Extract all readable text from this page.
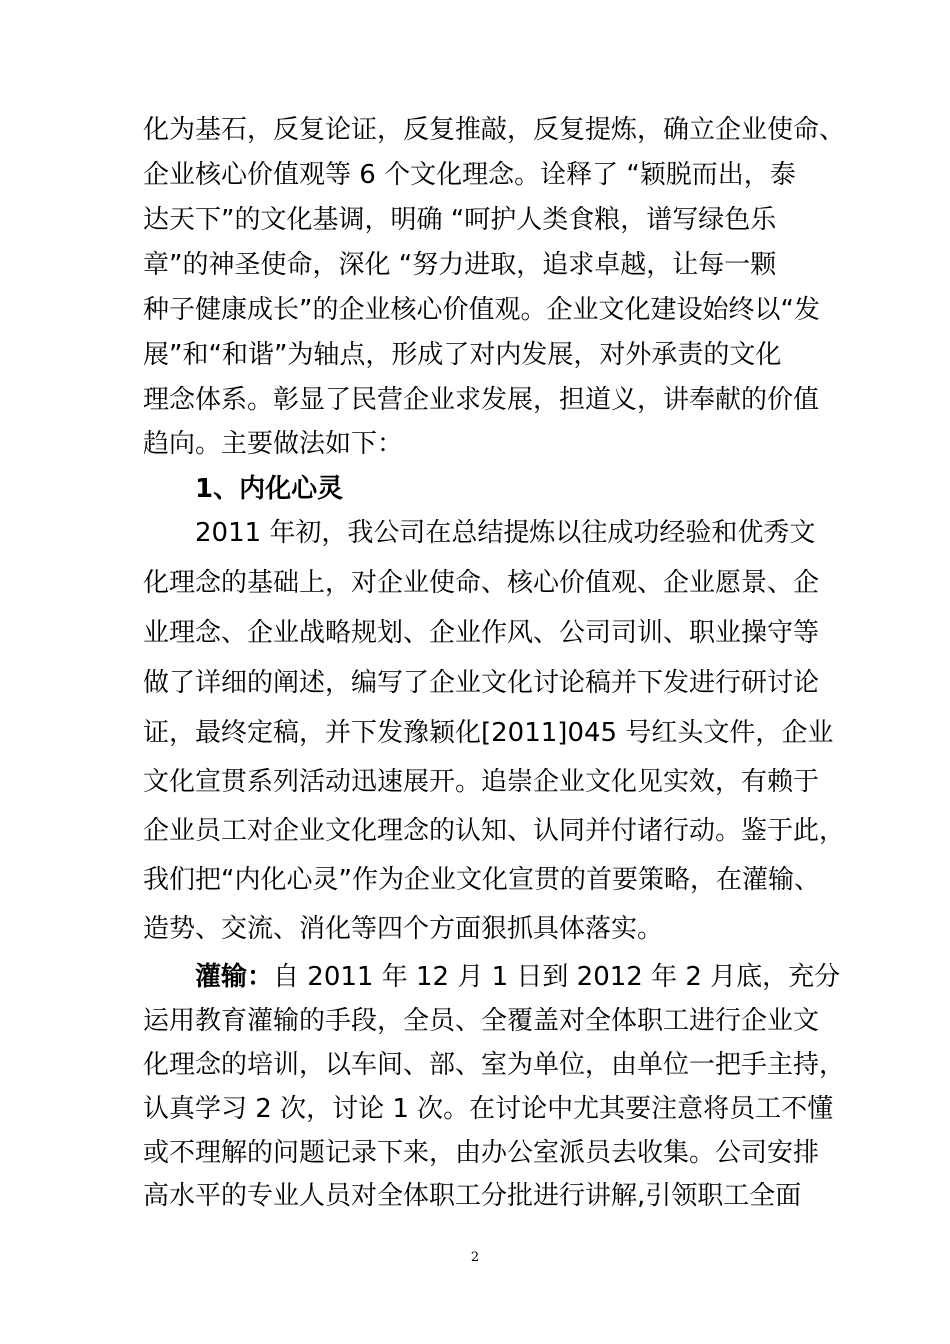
化为基石，反复论证，反复推敲，反复提炼，确立企业使命、
企业核心价值观等 6 个文化理念。诠释了 “颖脱而出，泰
达天下”的文化基调，明确 “呵护人类食粮，谱写绿色乐
章”的神圣使命，深化 “努力进取，追求卓越，让每一颗
种子健康成长”的企业核心价值观。企业文化建设始终以“发
展”和“和谐”为轴点，形成了对内发展，对外承责的文化
理念体系。彰显了民营企业求发展，担道义，讲奉献的价值
趋向。主要做法如下：
1、内化心灵
2011 年初，我公司在总结提炼以往成功经验和优秀文
化理念的基础上，对企业使命、核心价值观、企业愿景、企
业理念、企业战略规划、企业作风、公司司训、职业操守等
做了详细的阐述，编写了企业文化讨论稿并下发进行研讨论
证，最终定稿，并下发豫颖化[2011]045 号红头文件，企业
文化宣贯系列活动迅速展开。追崇企业文化见实效，有赖于
企业员工对企业文化理念的认知、认同并付诸行动。鉴于此，
我们把“内化心灵”作为企业文化宣贯的首要策略，在灌输、
造势、交流、消化等四个方面狠抓具体落实。
灌输：自 2011 年 12 月 1 日到 2012 年 2 月底，充分
运用教育灌输的手段，全员、全覆盖对全体职工进行企业文
化理念的培训，以车间、部、室为单位，由单位一把手主持，
认真学习 2 次，讨论 1 次。在讨论中尤其要注意将员工不懂
或不理解的问题记录下来，由办公室派员去收集。公司安排
高水平的专业人员对全体职工分批进行讲解,引领职工全面
2
